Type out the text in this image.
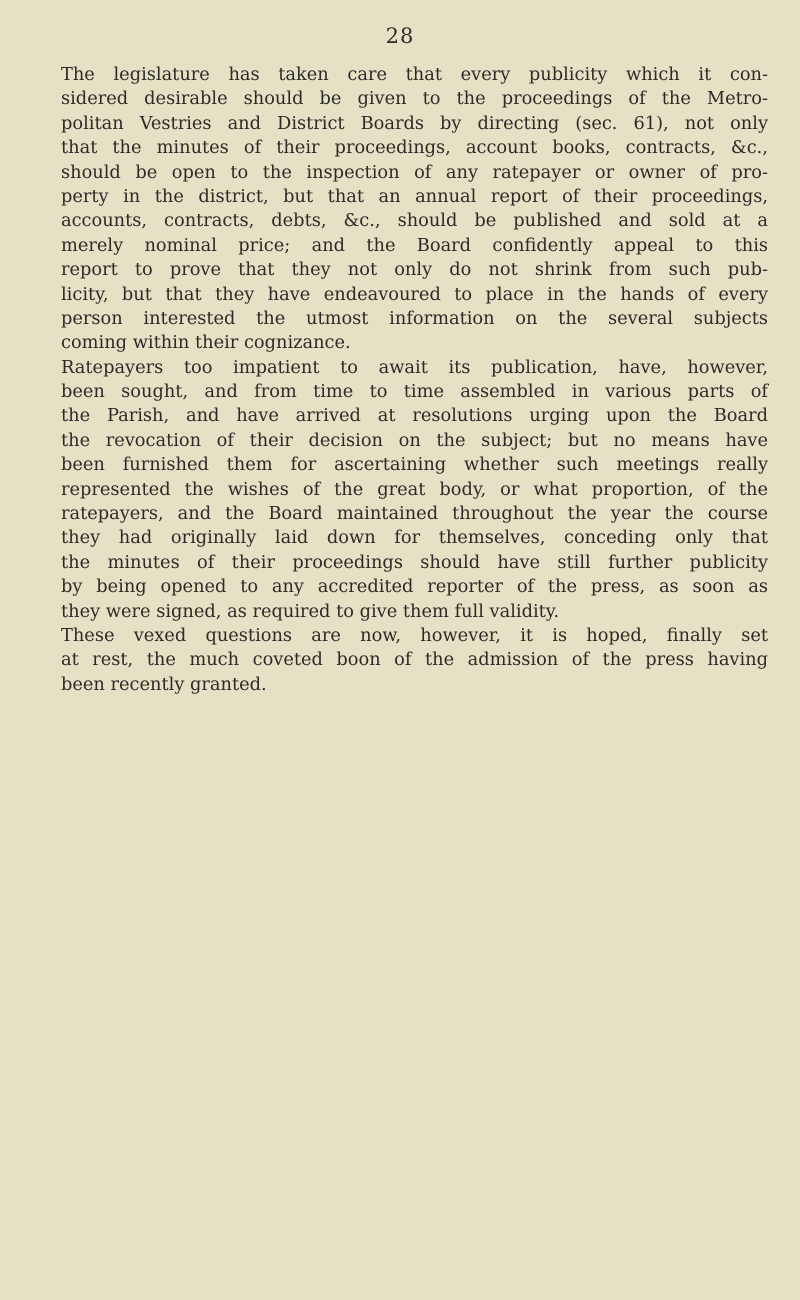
28
The legislature has taken care that every publicity which it con-
sidered desirable should be given to the proceedings of the Metro-
politan Vestries and District Boards by directing (sec. 61), not only
that the minutes of their proceedings, account books, contracts, &c.,
should be open to the inspection of any ratepayer or owner of pro-
perty in the district, but that an annual report of their proceedings,
accounts, contracts, debts, &c., should be published and sold at a
merely nominal price; and the Board confidently appeal to this
report to prove that they not only do not shrink from such pub-
licity, but that they have endeavoured to place in the hands of every
person interested the utmost information on the several subjects
coming within their cognizance.
Ratepayers too impatient to await its publication, have, however,
been sought, and from time to time assembled in various parts of
the Parish, and have arrived at resolutions urging upon the Board
the revocation of their decision on the subject; but no means have
been furnished them for ascertaining whether such meetings really
represented the wishes of the great body, or what proportion, of the
ratepayers, and the Board maintained throughout the year the course
they had originally laid down for themselves, conceding only that
the minutes of their proceedings should have still further publicity
by being opened to any accredited reporter of the press, as soon as
they were signed, as required to give them full validity.
These vexed questions are now, however, it is hoped, finally set
at rest, the much coveted boon of the admission of the press having
been recently granted.
